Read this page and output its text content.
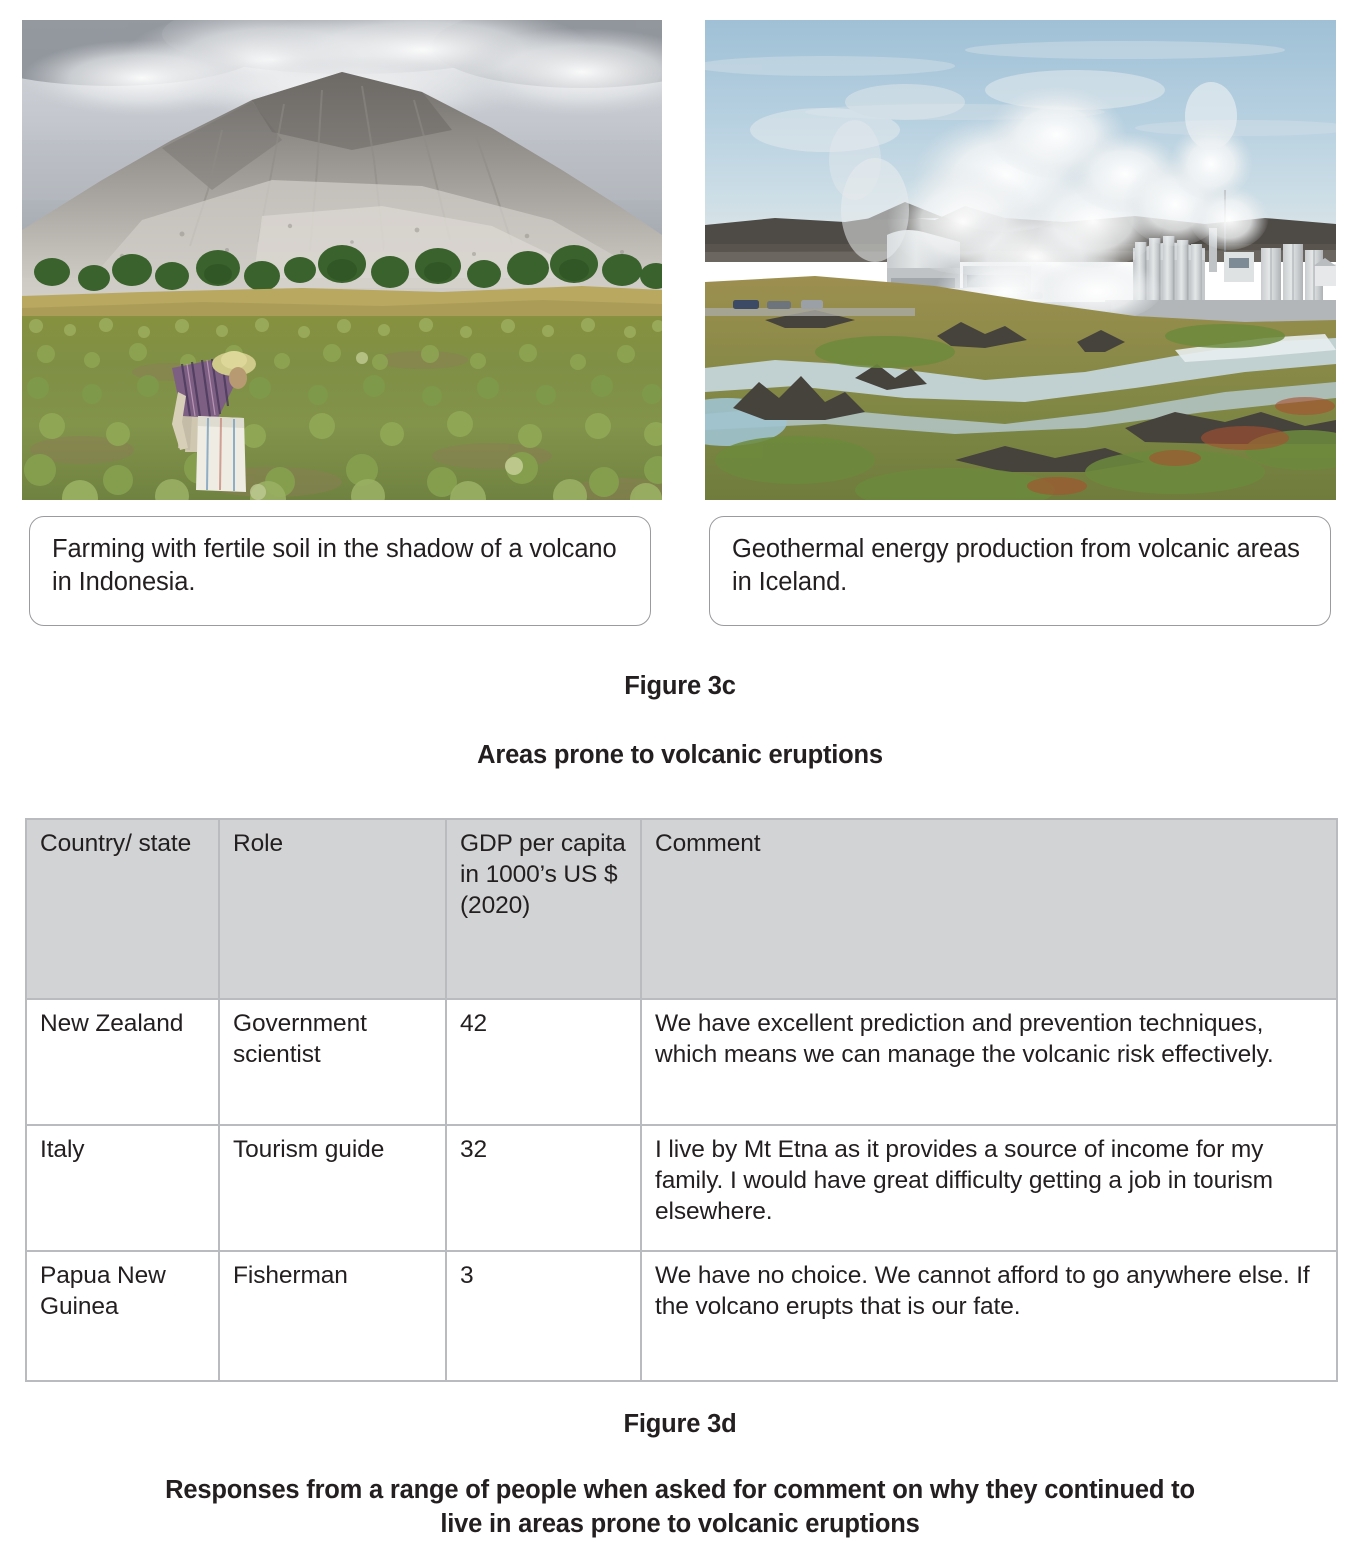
Farming with fertile soil in the shadow of a volcano in Indonesia.
Geothermal energy production from volcanic areas in Iceland.
Figure 3c
Areas prone to volcanic eruptions
Country/ state	Role	GDP per capita in 1000’s US $ (2020)	Comment
New Zealand	Government scientist	42	We have excellent prediction and prevention techniques, which means we can manage the volcanic risk effectively.
Italy	Tourism guide	32	I live by Mt Etna as it provides a source of income for my family. I would have great difficulty getting a job in tourism elsewhere.
Papua New Guinea	Fisherman	3	We have no choice. We cannot afford to go anywhere else. If the volcano erupts that is our fate.
Figure 3d
Responses from a range of people when asked for comment on why they continued to live in areas prone to volcanic eruptions
